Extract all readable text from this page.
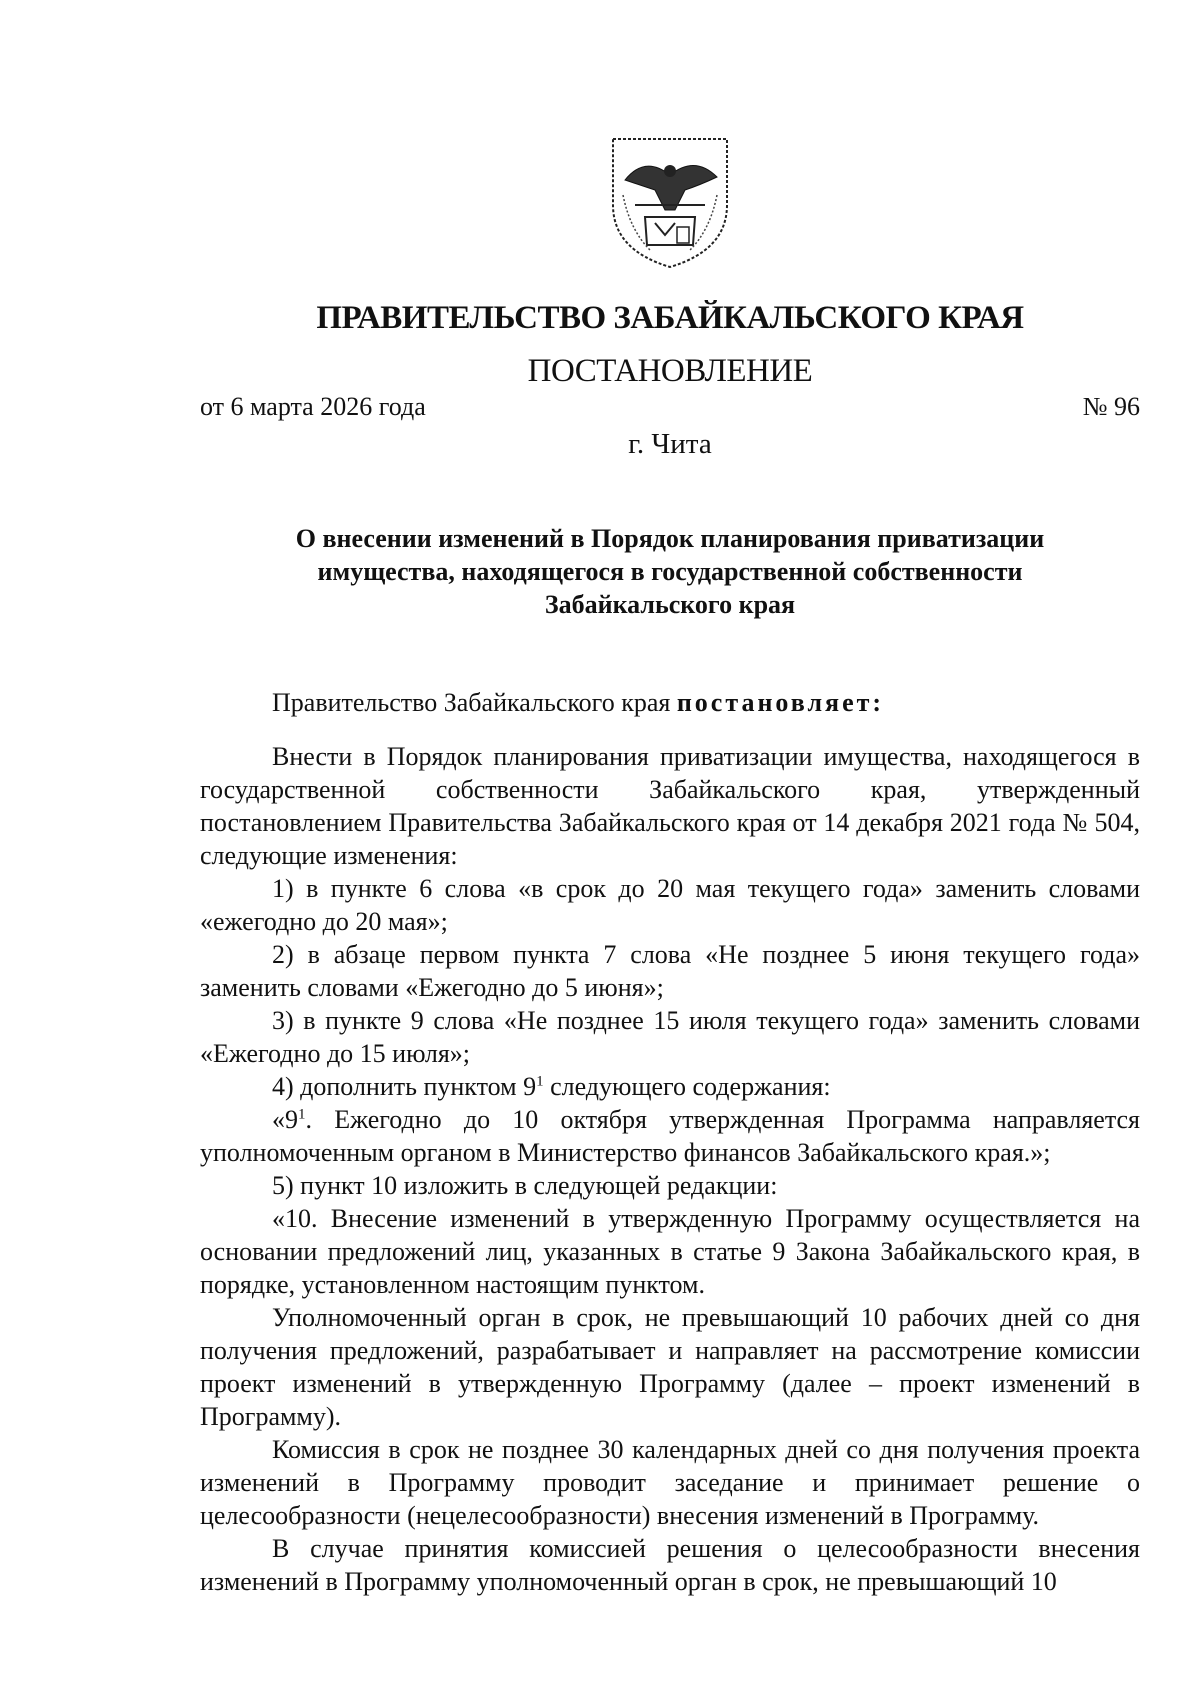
ПРАВИТЕЛЬСТВО ЗАБАЙКАЛЬСКОГО КРАЯ
ПОСТАНОВЛЕНИЕ
от 6 марта 2026 года	№ 96
г. Чита
О внесении изменений в Порядок планирования приватизации
имущества, находящегося в государственной собственности
Забайкальского края
Правительство Забайкальского края постановляет:

Внести в Порядок планирования приватизации имущества, находящегося в государственной собственности Забайкальского края, утвержденный постановлением Правительства Забайкальского края от 14 декабря 2021 года № 504, следующие изменения:

1) в пункте 6 слова «в срок до 20 мая текущего года» заменить словами «ежегодно до 20 мая»;

2) в абзаце первом пункта 7 слова «Не позднее 5 июня текущего года» заменить словами «Ежегодно до 5 июня»;

3) в пункте 9 слова «Не позднее 15 июля текущего года» заменить словами «Ежегодно до 15 июля»;

4) дополнить пунктом $9^1$ следующего содержания:

«$9^1$. Ежегодно до 10 октября утвержденная Программа направляется уполномоченным органом в Министерство финансов Забайкальского края.»;

5) пункт 10 изложить в следующей редакции:

«10. Внесение изменений в утвержденную Программу осуществляется на основании предложений лиц, указанных в статье 9 Закона Забайкальского края, в порядке, установленном настоящим пунктом.

Уполномоченный орган в срок, не превышающий 10 рабочих дней со дня получения предложений, разрабатывает и направляет на рассмотрение комиссии проект изменений в утвержденную Программу (далее – проект изменений в Программу).

Комиссия в срок не позднее 30 календарных дней со дня получения проекта изменений в Программу проводит заседание и принимает решение о целесообразности (нецелесообразности) внесения изменений в Программу.

В случае принятия комиссией решения о целесообразности внесения изменений в Программу уполномоченный орган в срок, не превышающий 10
